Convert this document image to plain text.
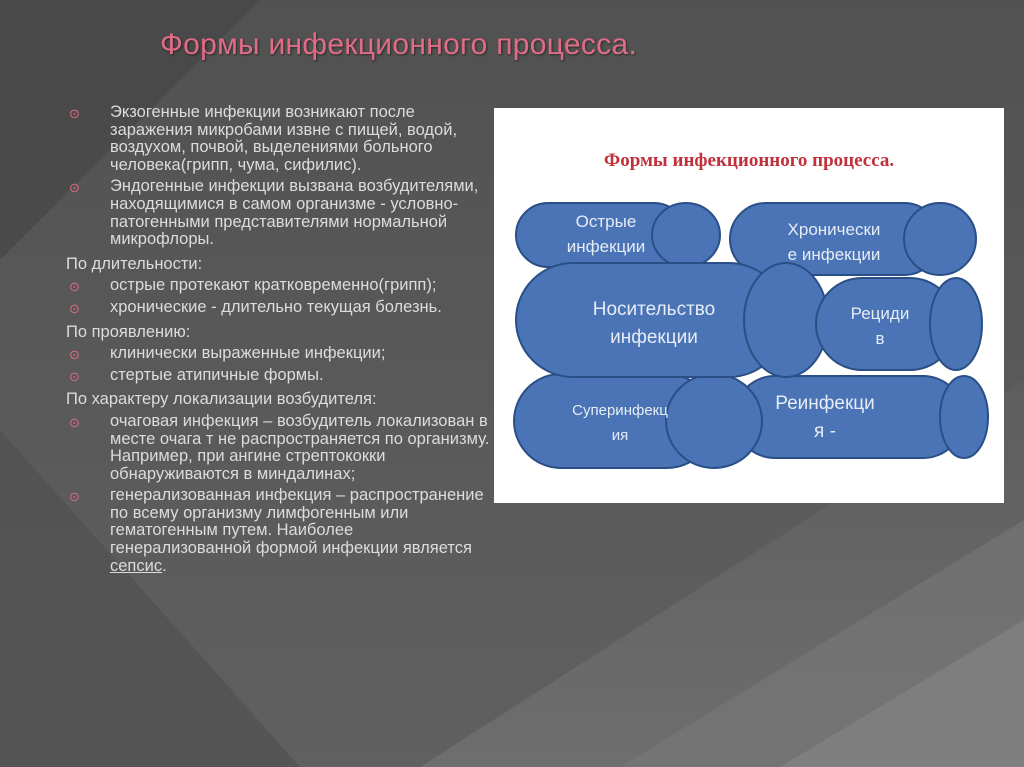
Формы инфекционного процесса.
⊙ Экзогенные инфекции возникают после заражения микробами извне с пищей, водой, воздухом, почвой, выделениями больного человека(грипп, чума, сифилис).
⊙ Эндогенные инфекции вызвана возбудителями, находящимися в самом организме - условно-патогенными представителями нормальной микрофлоры.
По длительности:
⊙ острые протекают кратковременно(грипп);
⊙ хронические - длительно текущая болезнь.
По проявлению:
⊙ клинически выраженные инфекции;
⊙ стертые атипичные формы.
По характеру локализации возбудителя:
⊙ очаговая инфекция – возбудитель локализован в месте очага т не распространяется по организму. Например, при ангине стрептококки обнаруживаются в миндалинах;
⊙ генерализованная инфекция – распространение по всему организму лимфогенным или гематогенным путем. Наиболее генерализованной формой инфекции является сепсис.
Формы инфекционного процесса.
Острые
инфекции
Хронически
е инфекции
Носительство
инфекции
Рециди
в
Суперинфекц
ия
Реинфекци
я -
